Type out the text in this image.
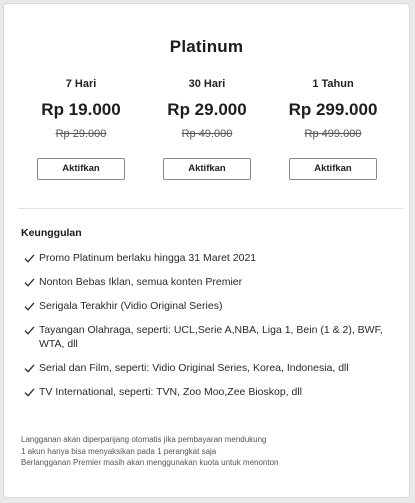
Platinum
7 Hari
Rp 19.000
Rp 29.000
Aktifkan
30 Hari
Rp 29.000
Rp 49.000
Aktifkan
1 Tahun
Rp 299.000
Rp 499.000
Aktifkan
Keunggulan
Promo Platinum berlaku hingga 31 Maret 2021
Nonton Bebas Iklan, semua konten Premier
Serigala Terakhir (Vidio Original Series)
Tayangan Olahraga, seperti: UCL,Serie A,NBA, Liga 1, Bein (1 & 2), BWF, WTA, dll
Serial dan Film, seperti: Vidio Original Series, Korea, Indonesia, dll
TV International, seperti: TVN, Zoo Moo,Zee Bioskop, dll
Langganan akan diperpanjang otomatis jika pembayaran mendukung
1 akun hanya bisa menyaksikan pada 1 perangkat saja
Berlangganan Premier masih akan menggunakan kuota untuk menonton
